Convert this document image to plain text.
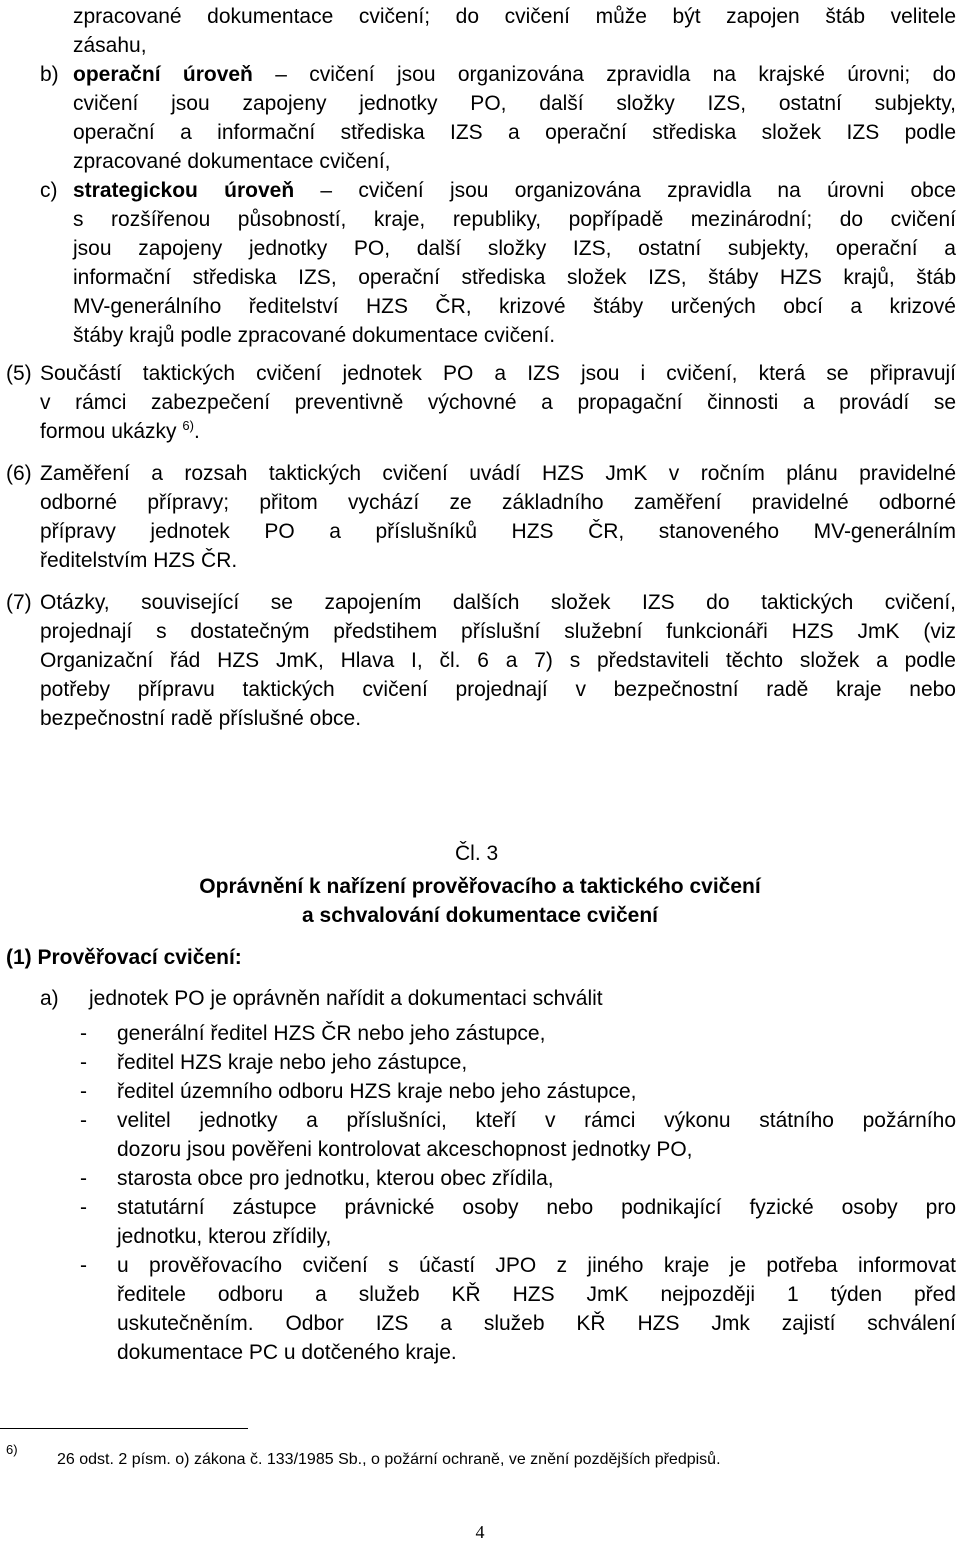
zpracované dokumentace cvičení; do cvičení může být zapojen štáb velitele
zásahu,
b) operační úroveň – cvičení jsou organizována zpravidla na krajské úrovni; do
cvičení jsou zapojeny jednotky PO, další složky IZS, ostatní subjekty,
operační a informační střediska IZS a operační střediska složek IZS podle
zpracované dokumentace cvičení,
c) strategickou úroveň – cvičení jsou organizována zpravidla na úrovni obce
s rozšířenou působností, kraje, republiky, popřípadě mezinárodní; do cvičení
jsou zapojeny jednotky PO, další složky IZS, ostatní subjekty, operační a
informační střediska IZS, operační střediska složek IZS, štáby HZS krajů, štáb
MV-generálního ředitelství HZS ČR, krizové štáby určených obcí a krizové
štáby krajů podle zpracované dokumentace cvičení.
(5) Součástí taktických cvičení jednotek PO a IZS jsou i cvičení, která se připravují
v rámci zabezpečení preventivně výchovné a propagační činnosti a provádí se
formou ukázky $^{6)}$.
(6) Zaměření a rozsah taktických cvičení uvádí HZS JmK v ročním plánu pravidelné
odborné přípravy; přitom vychází ze základního zaměření pravidelné odborné
přípravy jednotek PO a příslušníků HZS ČR, stanoveného MV-generálním
ředitelstvím HZS ČR.
(7) Otázky, související se zapojením dalších složek IZS do taktických cvičení,
projednají s dostatečným předstihem příslušní služební funkcionáři HZS JmK (viz
Organizační řád HZS JmK, Hlava I, čl. 6 a 7) s představiteli těchto složek a podle
potřeby přípravu taktických cvičení projednají v bezpečnostní radě kraje nebo
bezpečnostní radě příslušné obce.
Čl. 3
Oprávnění k nařízení prověřovacího a taktického cvičení
a schvalování dokumentace cvičení
(1) Prověřovací cvičení:
a) jednotek PO je oprávněn nařídit a dokumentaci schválit
- generální ředitel HZS ČR nebo jeho zástupce,
- ředitel HZS kraje nebo jeho zástupce,
- ředitel územního odboru HZS kraje nebo jeho zástupce,
- velitel jednotky a příslušníci, kteří v rámci výkonu státního požárního
dozoru jsou pověřeni kontrolovat akceschopnost jednotky PO,
- starosta obce pro jednotku, kterou obec zřídila,
- statutární zástupce právnické osoby nebo podnikající fyzické osoby pro
jednotku, kterou zřídily,
- u prověřovacího cvičení s účastí JPO z jiného kraje je potřeba informovat
ředitele odboru a služeb KŘ HZS JmK nejpozději 1 týden před
uskutečněním. Odbor IZS a služeb KŘ HZS Jmk zajistí schválení
dokumentace PC u dotčeného kraje.
6)
26 odst. 2 písm. o) zákona č. 133/1985 Sb., o požární ochraně, ve znění pozdějších předpisů.
4
